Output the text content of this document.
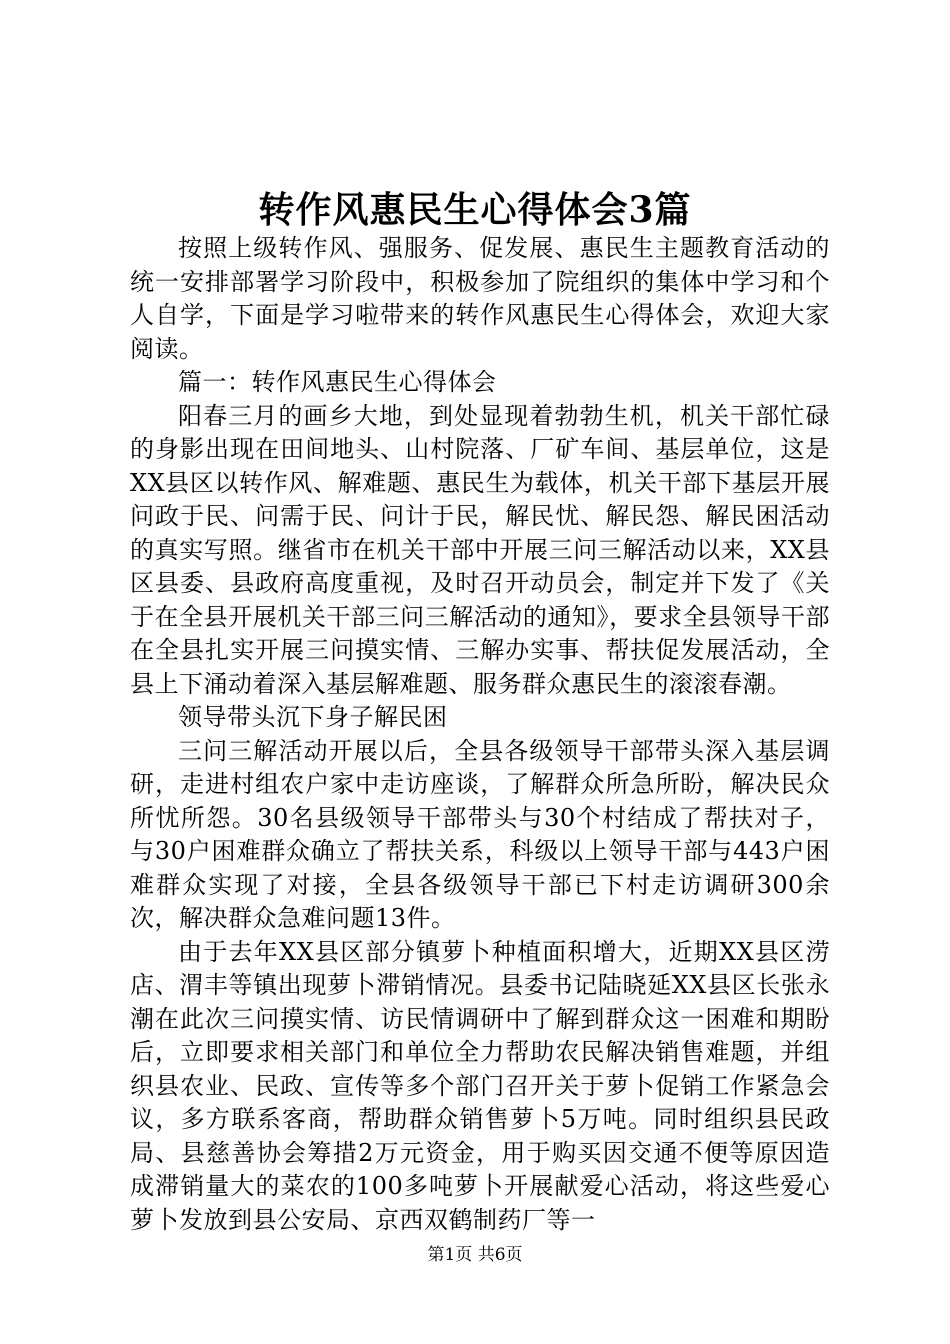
转作风惠民生心得体会3篇

按照上级转作风、强服务、促发展、惠民生主题教育活动的统一安排部署学习阶段中，积极参加了院组织的集体中学习和个人自学，下面是学习啦带来的转作风惠民生心得体会，欢迎大家阅读。

篇一：转作风惠民生心得体会

阳春三月的画乡大地，到处显现着勃勃生机，机关干部忙碌的身影出现在田间地头、山村院落、厂矿车间、基层单位，这是XX县区以转作风、解难题、惠民生为载体，机关干部下基层开展问政于民、问需于民、问计于民，解民忧、解民怨、解民困活动的真实写照。继省市在机关干部中开展三问三解活动以来，XX县区县委、县政府高度重视，及时召开动员会，制定并下发了《关于在全县开展机关干部三问三解活动的通知》，要求全县领导干部在全县扎实开展三问摸实情、三解办实事、帮扶促发展活动，全县上下涌动着深入基层解难题、服务群众惠民生的滚滚春潮。

领导带头沉下身子解民困

三问三解活动开展以后，全县各级领导干部带头深入基层调研，走进村组农户家中走访座谈，了解群众所急所盼，解决民众所忧所怨。30名县级领导干部带头与30个村结成了帮扶对子，与30户困难群众确立了帮扶关系，科级以上领导干部与443户困难群众实现了对接，全县各级领导干部已下村走访调研300余次，解决群众急难问题13件。

由于去年XX县区部分镇萝卜种植面积增大，近期XX县区涝店、渭丰等镇出现萝卜滞销情况。县委书记陆晓延XX县区长张永潮在此次三问摸实情、访民情调研中了解到群众这一困难和期盼后，立即要求相关部门和单位全力帮助农民解决销售难题，并组织县农业、民政、宣传等多个部门召开关于萝卜促销工作紧急会议，多方联系客商，帮助群众销售萝卜5万吨。同时组织县民政局、县慈善协会筹措2万元资金，用于购买因交通不便等原因造成滞销量大的菜农的100多吨萝卜开展献爱心活动，将这些爱心萝卜发放到县公安局、京西双鹤制药厂等一

第1页 共6页
